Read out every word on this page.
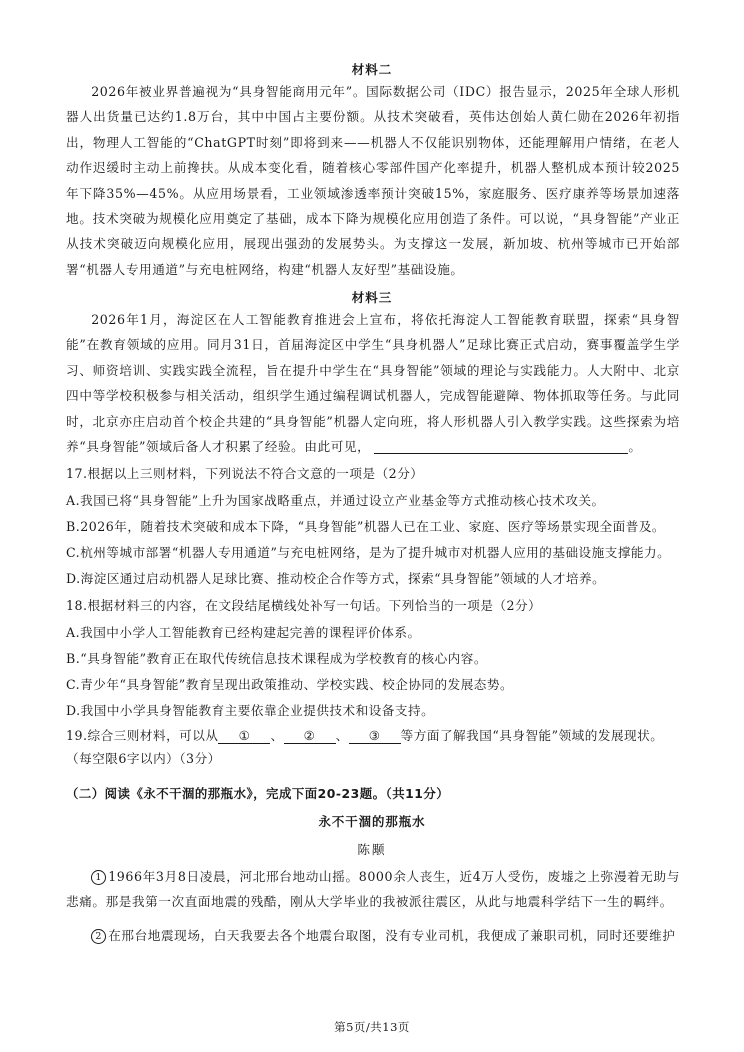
材料二
2026年被业界普遍视为“具身智能商用元年”。国际数据公司（IDC）报告显示，2025年全球人形机器人出货量已达约1.8万台，其中中国占主要份额。从技术突破看，英伟达创始人黄仁勋在2026年初指出，物理人工智能的“ChatGPT时刻”即将到来——机器人不仅能识别物体，还能理解用户情绪，在老人动作迟缓时主动上前搀扶。从成本变化看，随着核心零部件国产化率提升，机器人整机成本预计较2025年下降35%—45%。从应用场景看，工业领域渗透率预计突破15%，家庭服务、医疗康养等场景加速落地。技术突破为规模化应用奠定了基础，成本下降为规模化应用创造了条件。可以说，“具身智能”产业正从技术突破迈向规模化应用，展现出强劲的发展势头。为支撑这一发展，新加坡、杭州等城市已开始部署“机器人专用通道”与充电桩网络，构建“机器人友好型”基础设施。
材料三
2026年1月，海淀区在人工智能教育推进会上宣布，将依托海淀人工智能教育联盟，探索“具身智能”在教育领域的应用。同月31日，首届海淀区中学生“具身机器人”足球比赛正式启动，赛事覆盖学生学习、师资培训、实践实践全流程，旨在提升中学生在“具身智能”领域的理论与实践能力。人大附中、北京四中等学校积极参与相关活动，组织学生通过编程调试机器人，完成智能避障、物体抓取等任务。与此同时，北京亦庄启动首个校企共建的“具身智能”机器人定向班，将人形机器人引入教学实践。这些探索为培养“具身智能”领域后备人才积累了经验。由此可见，	。
17.根据以上三则材料，下列说法不符合文意的一项是（2分）
A.我国已将“具身智能”上升为国家战略重点，并通过设立产业基金等方式推动核心技术攻关。
B.2026年，随着技术突破和成本下降，“具身智能”机器人已在工业、家庭、医疗等场景实现全面普及。
C.杭州等城市部署“机器人专用通道”与充电桩网络，是为了提升城市对机器人应用的基础设施支撑能力。
D.海淀区通过启动机器人足球比赛、推动校企合作等方式，探索“具身智能”领域的人才培养。
18.根据材料三的内容，在文段结尾横线处补写一句话。下列恰当的一项是（2分）
A.我国中小学人工智能教育已经构建起完善的课程评价体系。
B.“具身智能”教育正在取代传统信息技术课程成为学校教育的核心内容。
C.青少年“具身智能”教育呈现出政策推动、学校实践、校企协同的发展态势。
D.我国中小学具身智能教育主要依靠企业提供技术和设备支持。
19.综合三则材料，可以从 ① 、 ② 、 ③ 等方面了解我国“具身智能”领域的发展现状。
（每空限6字以内）（3分）
（二）阅读《永不干涸的那瓶水》，完成下面20-23题。（共11分）
永不干涸的那瓶水
陈颙
1 1966年3月8日凌晨，河北邢台地动山摇。8000余人丧生，近4万人受伤，废墟之上弥漫着无助与悲痛。那是我第一次直面地震的残酷，刚从大学毕业的我被派往震区，从此与地震科学结下一生的羁绊。
2 在邢台地震现场，白天我要去各个地震台取图，没有专业司机，我便成了兼职司机，同时还要维护
第5页/共13页
